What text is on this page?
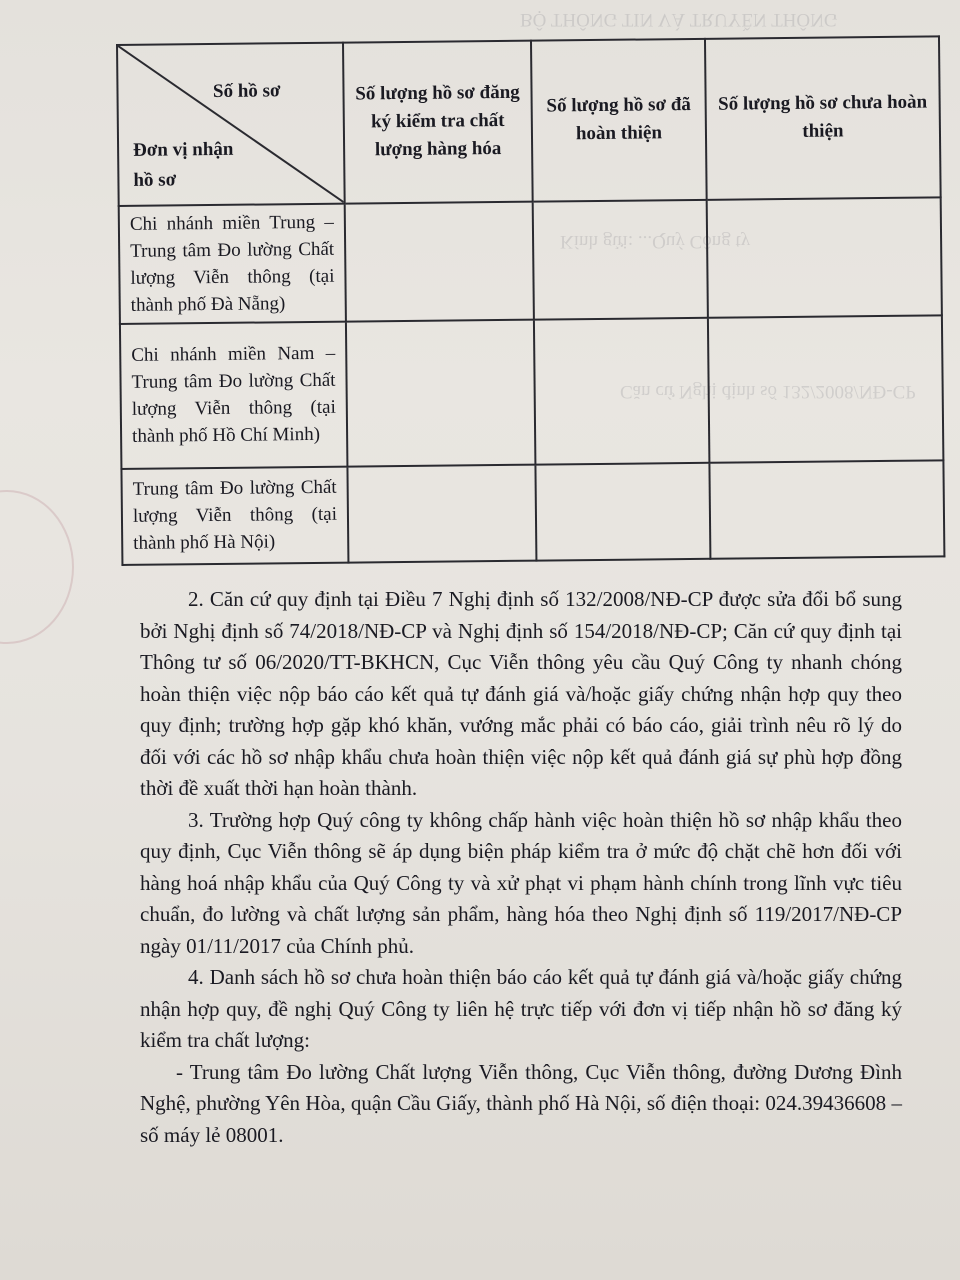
BỘ THÔNG TIN VÀ TRUYỀN THÔNG
Kính gửi: ...Quý Công ty
Căn cứ Nghị định số 132/2008/NĐ-CP
Số hồ sơ
Đơn vị nhận hồ sơ	Số lượng hồ sơ đăng ký kiểm tra chất lượng hàng hóa	Số lượng hồ sơ đã hoàn thiện	Số lượng hồ sơ chưa hoàn thiện

Chi nhánh miền Trung – Trung tâm Đo lường Chất lượng Viễn thông (tại thành phố Đà Nẵng)			

Chi nhánh miền Nam – Trung tâm Đo lường Chất lượng Viễn thông (tại thành phố Hồ Chí Minh)			

Trung tâm Đo lường Chất lượng Viễn thông (tại thành phố Hà Nội)			

2. Căn cứ quy định tại Điều 7 Nghị định số 132/2008/NĐ-CP được sửa đổi bổ sung bởi Nghị định số 74/2018/NĐ-CP và Nghị định số 154/2018/NĐ-CP; Căn cứ quy định tại Thông tư số 06/2020/TT-BKHCN, Cục Viễn thông yêu cầu Quý Công ty nhanh chóng hoàn thiện việc nộp báo cáo kết quả tự đánh giá và/hoặc giấy chứng nhận hợp quy theo quy định; trường hợp gặp khó khăn, vướng mắc phải có báo cáo, giải trình nêu rõ lý do đối với các hồ sơ nhập khẩu chưa hoàn thiện việc nộp kết quả đánh giá sự phù hợp đồng thời đề xuất thời hạn hoàn thành.

3. Trường hợp Quý công ty không chấp hành việc hoàn thiện hồ sơ nhập khẩu theo quy định, Cục Viễn thông sẽ áp dụng biện pháp kiểm tra ở mức độ chặt chẽ hơn đối với hàng hoá nhập khẩu của Quý Công ty và xử phạt vi phạm hành chính trong lĩnh vực tiêu chuẩn, đo lường và chất lượng sản phẩm, hàng hóa theo Nghị định số 119/2017/NĐ-CP ngày 01/11/2017 của Chính phủ.

4. Danh sách hồ sơ chưa hoàn thiện báo cáo kết quả tự đánh giá và/hoặc giấy chứng nhận hợp quy, đề nghị Quý Công ty liên hệ trực tiếp với đơn vị tiếp nhận hồ sơ đăng ký kiểm tra chất lượng:

- Trung tâm Đo lường Chất lượng Viễn thông, Cục Viễn thông, đường Dương Đình Nghệ, phường Yên Hòa, quận Cầu Giấy, thành phố Hà Nội, số điện thoại: 024.39436608 – số máy lẻ 08001.
